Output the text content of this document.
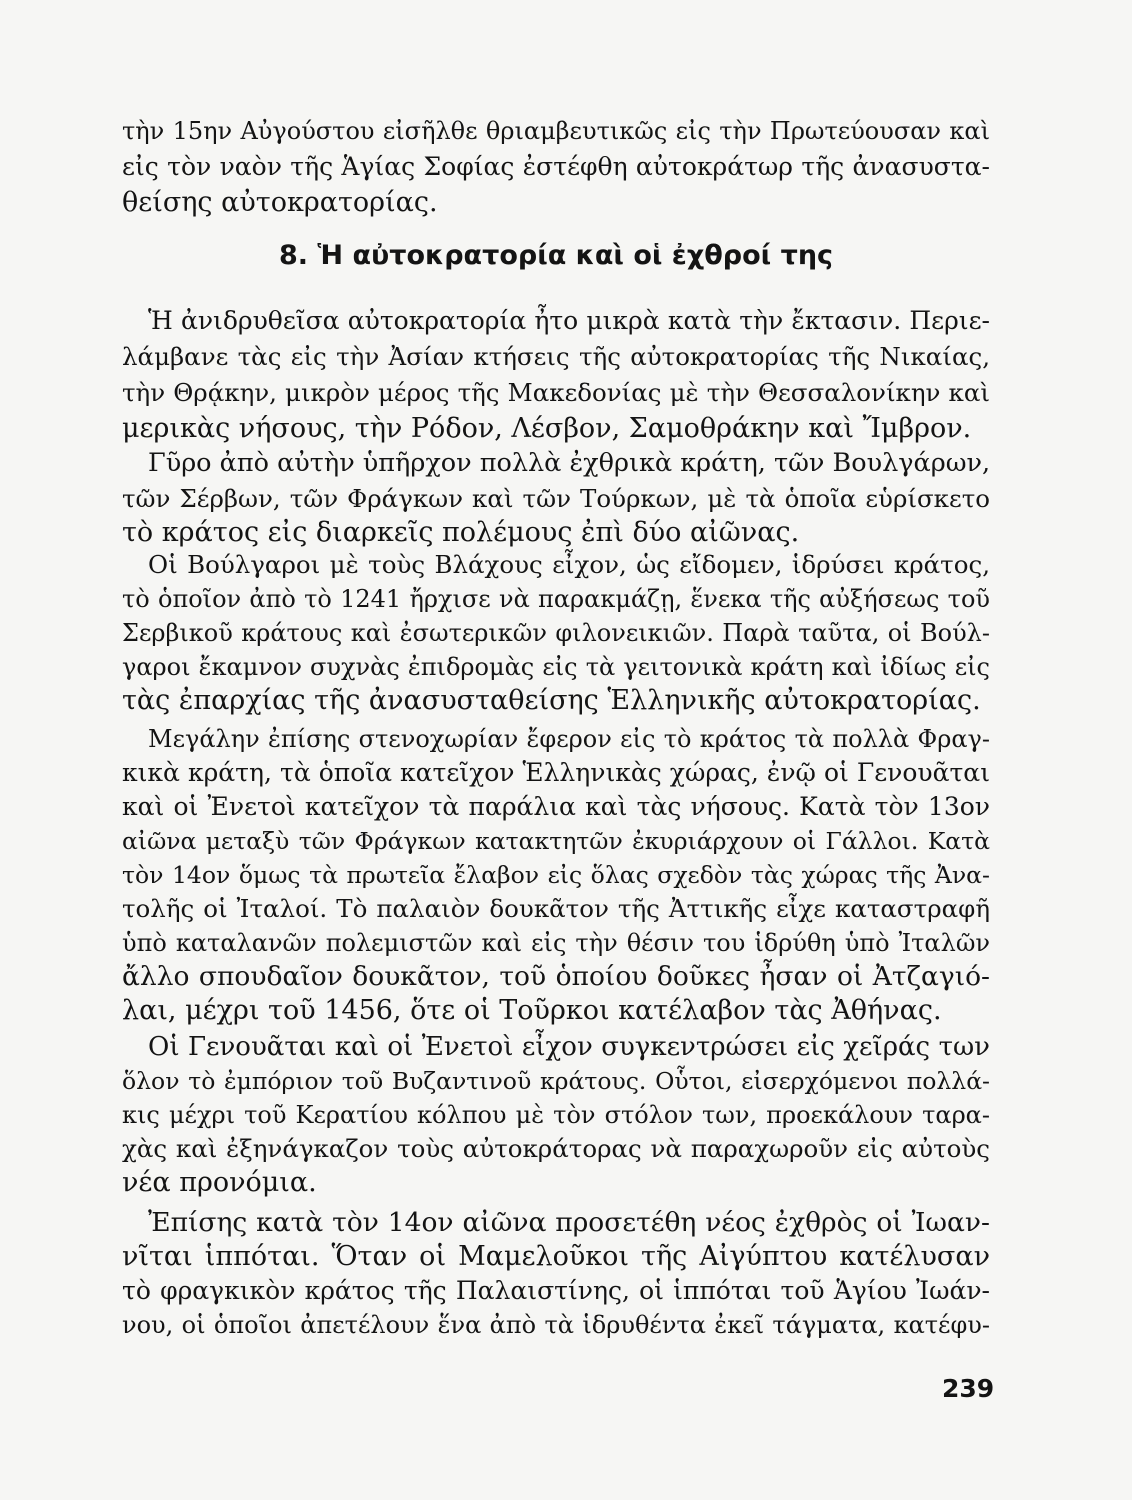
τὴν 15ην Αὐγούστου εἰσῆλθε θριαμβευτικῶς εἰς τὴν Πρωτεύουσαν καὶ
εἰς τὸν ναὸν τῆς Ἁγίας Σοφίας ἐστέφθη αὐτοκράτωρ τῆς ἀνασυστα-
θείσης αὐτοκρατορίας.
8. Ἡ αὐτοκρατορία καὶ οἱ ἐχθροί της
Ἡ ἀνιδρυθεῖσα αὐτοκρατορία ἦτο μικρὰ κατὰ τὴν ἔκτασιν. Περιε-
λάμβανε τὰς εἰς τὴν Ἀσίαν κτήσεις τῆς αὐτοκρατορίας τῆς Νικαίας,
τὴν Θρᾴκην, μικρὸν μέρος τῆς Μακεδονίας μὲ τὴν Θεσσαλονίκην καὶ
μερικὰς νήσους, τὴν Ρόδον, Λέσβον, Σαμοθράκην καὶ Ἴμβρον.
Γῦρο ἀπὸ αὐτὴν ὑπῆρχον πολλὰ ἐχθρικὰ κράτη, τῶν Βουλγάρων,
τῶν Σέρβων, τῶν Φράγκων καὶ τῶν Τούρκων, μὲ τὰ ὁποῖα εὑρίσκετο
τὸ κράτος εἰς διαρκεῖς πολέμους ἐπὶ δύο αἰῶνας.
Οἱ Βούλγαροι μὲ τοὺς Βλάχους εἶχον, ὡς εἴδομεν, ἱδρύσει κράτος,
τὸ ὁποῖον ἀπὸ τὸ 1241 ἤρχισε νὰ παρακμάζῃ, ἕνεκα τῆς αὐξήσεως τοῦ
Σερβικοῦ κράτους καὶ ἐσωτερικῶν φιλονεικιῶν. Παρὰ ταῦτα, οἱ Βούλ-
γαροι ἔκαμνον συχνὰς ἐπιδρομὰς εἰς τὰ γειτονικὰ κράτη καὶ ἰδίως εἰς
τὰς ἐπαρχίας τῆς ἀνασυσταθείσης Ἑλληνικῆς αὐτοκρατορίας.
Μεγάλην ἐπίσης στενοχωρίαν ἔφερον εἰς τὸ κράτος τὰ πολλὰ Φραγ-
κικὰ κράτη, τὰ ὁποῖα κατεῖχον Ἑλληνικὰς χώρας, ἐνῷ οἱ Γενουᾶται
καὶ οἱ Ἐνετοὶ κατεῖχον τὰ παράλια καὶ τὰς νήσους. Κατὰ τὸν 13ον
αἰῶνα μεταξὺ τῶν Φράγκων κατακτητῶν ἐκυριάρχουν οἱ Γάλλοι. Κατὰ
τὸν 14ον ὅμως τὰ πρωτεῖα ἔλαβον εἰς ὅλας σχεδὸν τὰς χώρας τῆς Ἀνα-
τολῆς οἱ Ἰταλοί. Τὸ παλαιὸν δουκᾶτον τῆς Ἀττικῆς εἶχε καταστραφῆ
ὑπὸ καταλανῶν πολεμιστῶν καὶ εἰς τὴν θέσιν του ἱδρύθη ὑπὸ Ἰταλῶν
ἄλλο σπουδαῖον δουκᾶτον, τοῦ ὁποίου δοῦκες ἦσαν οἱ Ἀτζαγιό-
λαι, μέχρι τοῦ 1456, ὅτε οἱ Τοῦρκοι κατέλαβον τὰς Ἀθήνας.
Οἱ Γενουᾶται καὶ οἱ Ἐνετοὶ εἶχον συγκεντρώσει εἰς χεῖράς των
ὅλον τὸ ἐμπόριον τοῦ Βυζαντινοῦ κράτους. Οὗτοι, εἰσερχόμενοι πολλά-
κις μέχρι τοῦ Κερατίου κόλπου μὲ τὸν στόλον των, προεκάλουν ταρα-
χὰς καὶ ἐξηνάγκαζον τοὺς αὐτοκράτορας νὰ παραχωροῦν εἰς αὐτοὺς
νέα προνόμια.
Ἐπίσης κατὰ τὸν 14ον αἰῶνα προσετέθη νέος ἐχθρὸς οἱ Ἰωαν-
νῖται ἱππόται. Ὅταν οἱ Μαμελοῦκοι τῆς Αἰγύπτου κατέλυσαν
τὸ φραγκικὸν κράτος τῆς Παλαιστίνης, οἱ ἱππόται τοῦ Ἁγίου Ἰωάν-
νου, οἱ ὁποῖοι ἀπετέλουν ἕνα ἀπὸ τὰ ἱδρυθέντα ἐκεῖ τάγματα, κατέφυ-
239
